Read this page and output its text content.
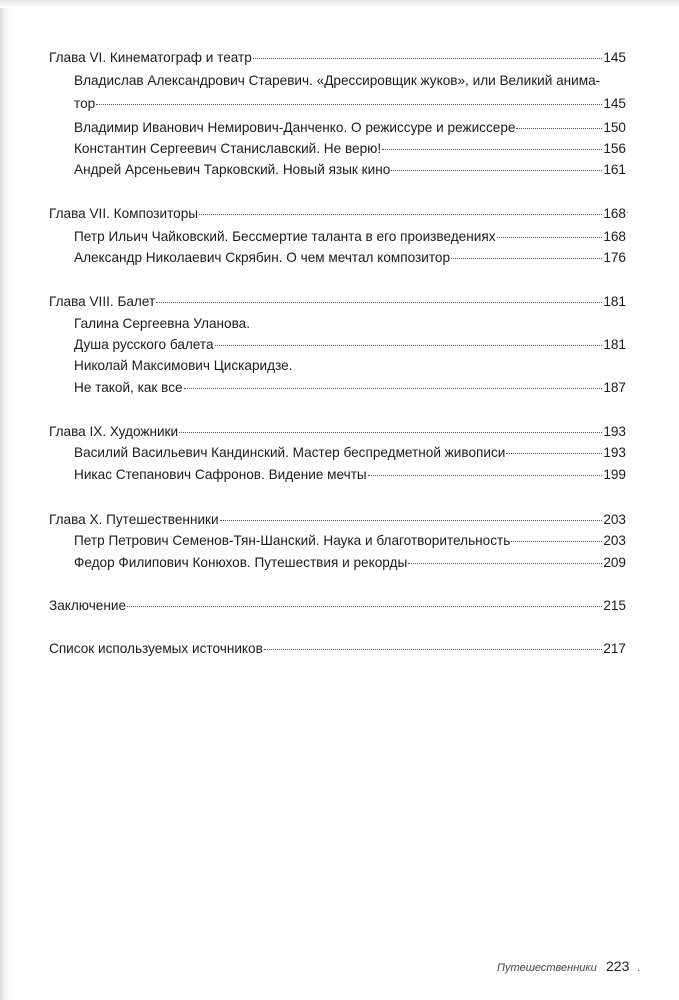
Глава VI. Кинематограф и театр	145
Владислав Александрович Старевич. «Дрессировщик жуков», или Великий анима-
тор	145
Владимир Иванович Немирович-Данченко. О режиссуре и режиссере	150
Константин Сергеевич Станиславский. Не верю!	156
Андрей Арсеньевич Тарковский. Новый язык кино	161
Глава VII. Композиторы	168 ·
Петр Ильич Чайковский. Бессмертие таланта в его произведениях	168
Александр Николаевич Скрябин. О чем мечтал композитор	176
Глава VIII. Балет	181
Галина Сергеевна Уланова.
Душа русского балета	181
Николай Максимович Цискаридзе.
Не такой, как все	187
Глава IX. Художники	193
Василий Васильевич Кандинский. Мастер беспредметной живописи	193
Никас Степанович Сафронов. Видение мечты	199
Глава X. Путешественники	203
Петр Петрович Семенов-Тян-Шанский. Наука и благотворительность	203
Федор Филипович Конюхов. Путешествия и рекорды	209
Заключение	215
Список используемых источников	217
Путешественники 223 .
